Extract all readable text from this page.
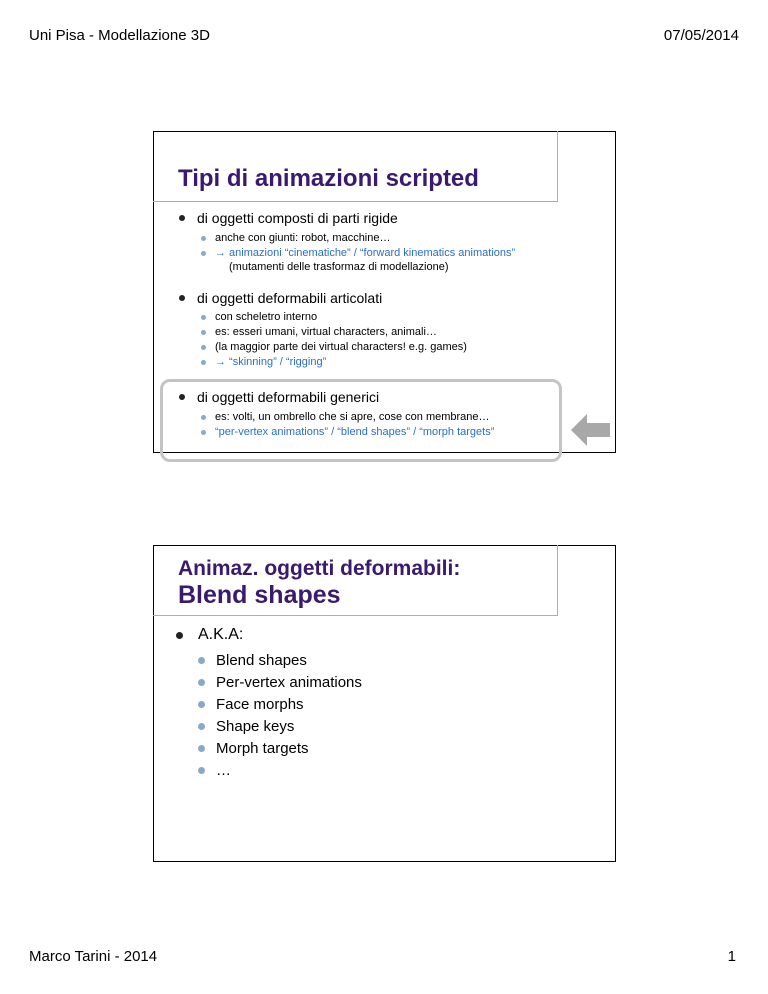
Uni Pisa - Modellazione 3D	07/05/2014
Tipi di animazioni scripted
di oggetti composti di parti rigide
anche con giunti: robot, macchine…
→ animazioni “cinematiche” / “forward kinematics animations”
(mutamenti delle trasformaz di modellazione)
di oggetti deformabili articolati
con scheletro interno
es: esseri umani, virtual characters, animali…
(la maggior parte dei virtual characters! e.g. games)
→ “skinning” / “rigging”
di oggetti deformabili generici
es: volti, un ombrello che si apre, cose con membrane…
“per-vertex animations” / “blend shapes” / “morph targets”
Animaz. oggetti deformabili:
Blend shapes
A.K.A:
Blend shapes
Per-vertex animations
Face morphs
Shape keys
Morph targets
…
Marco Tarini - 2014	1
